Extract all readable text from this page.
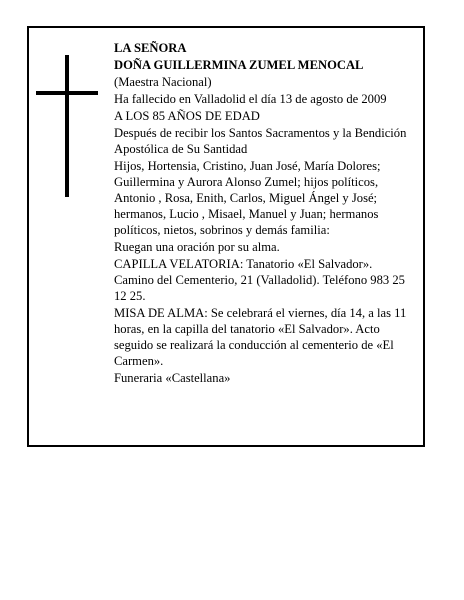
LA SEÑORA

DOÑA GUILLERMINA ZUMEL MENOCAL

(Maestra Nacional)

Ha fallecido en Valladolid el día 13 de agosto de 2009

A LOS 85 AÑOS DE EDAD

Después de recibir los Santos Sacramentos y la Bendición Apostólica de Su Santidad

Hijos, Hortensia, Cristino, Juan José, María Dolores; Guillermina y Aurora Alonso Zumel; hijos políticos, Antonio , Rosa, Enith, Carlos, Miguel Ángel y José; hermanos, Lucio , Misael, Manuel y Juan; hermanos políticos, nietos, sobrinos y demás familia:

Ruegan una oración por su alma.

CAPILLA VELATORIA: Tanatorio «El Salvador». Camino del Cementerio, 21 (Valladolid). Teléfono 983 25 12 25.

MISA DE ALMA: Se celebrará el viernes, día 14, a las 11 horas, en la capilla del tanatorio «El Salvador». Acto seguido se realizará la conducción al cementerio de «El Carmen».

Funeraria «Castellana»
